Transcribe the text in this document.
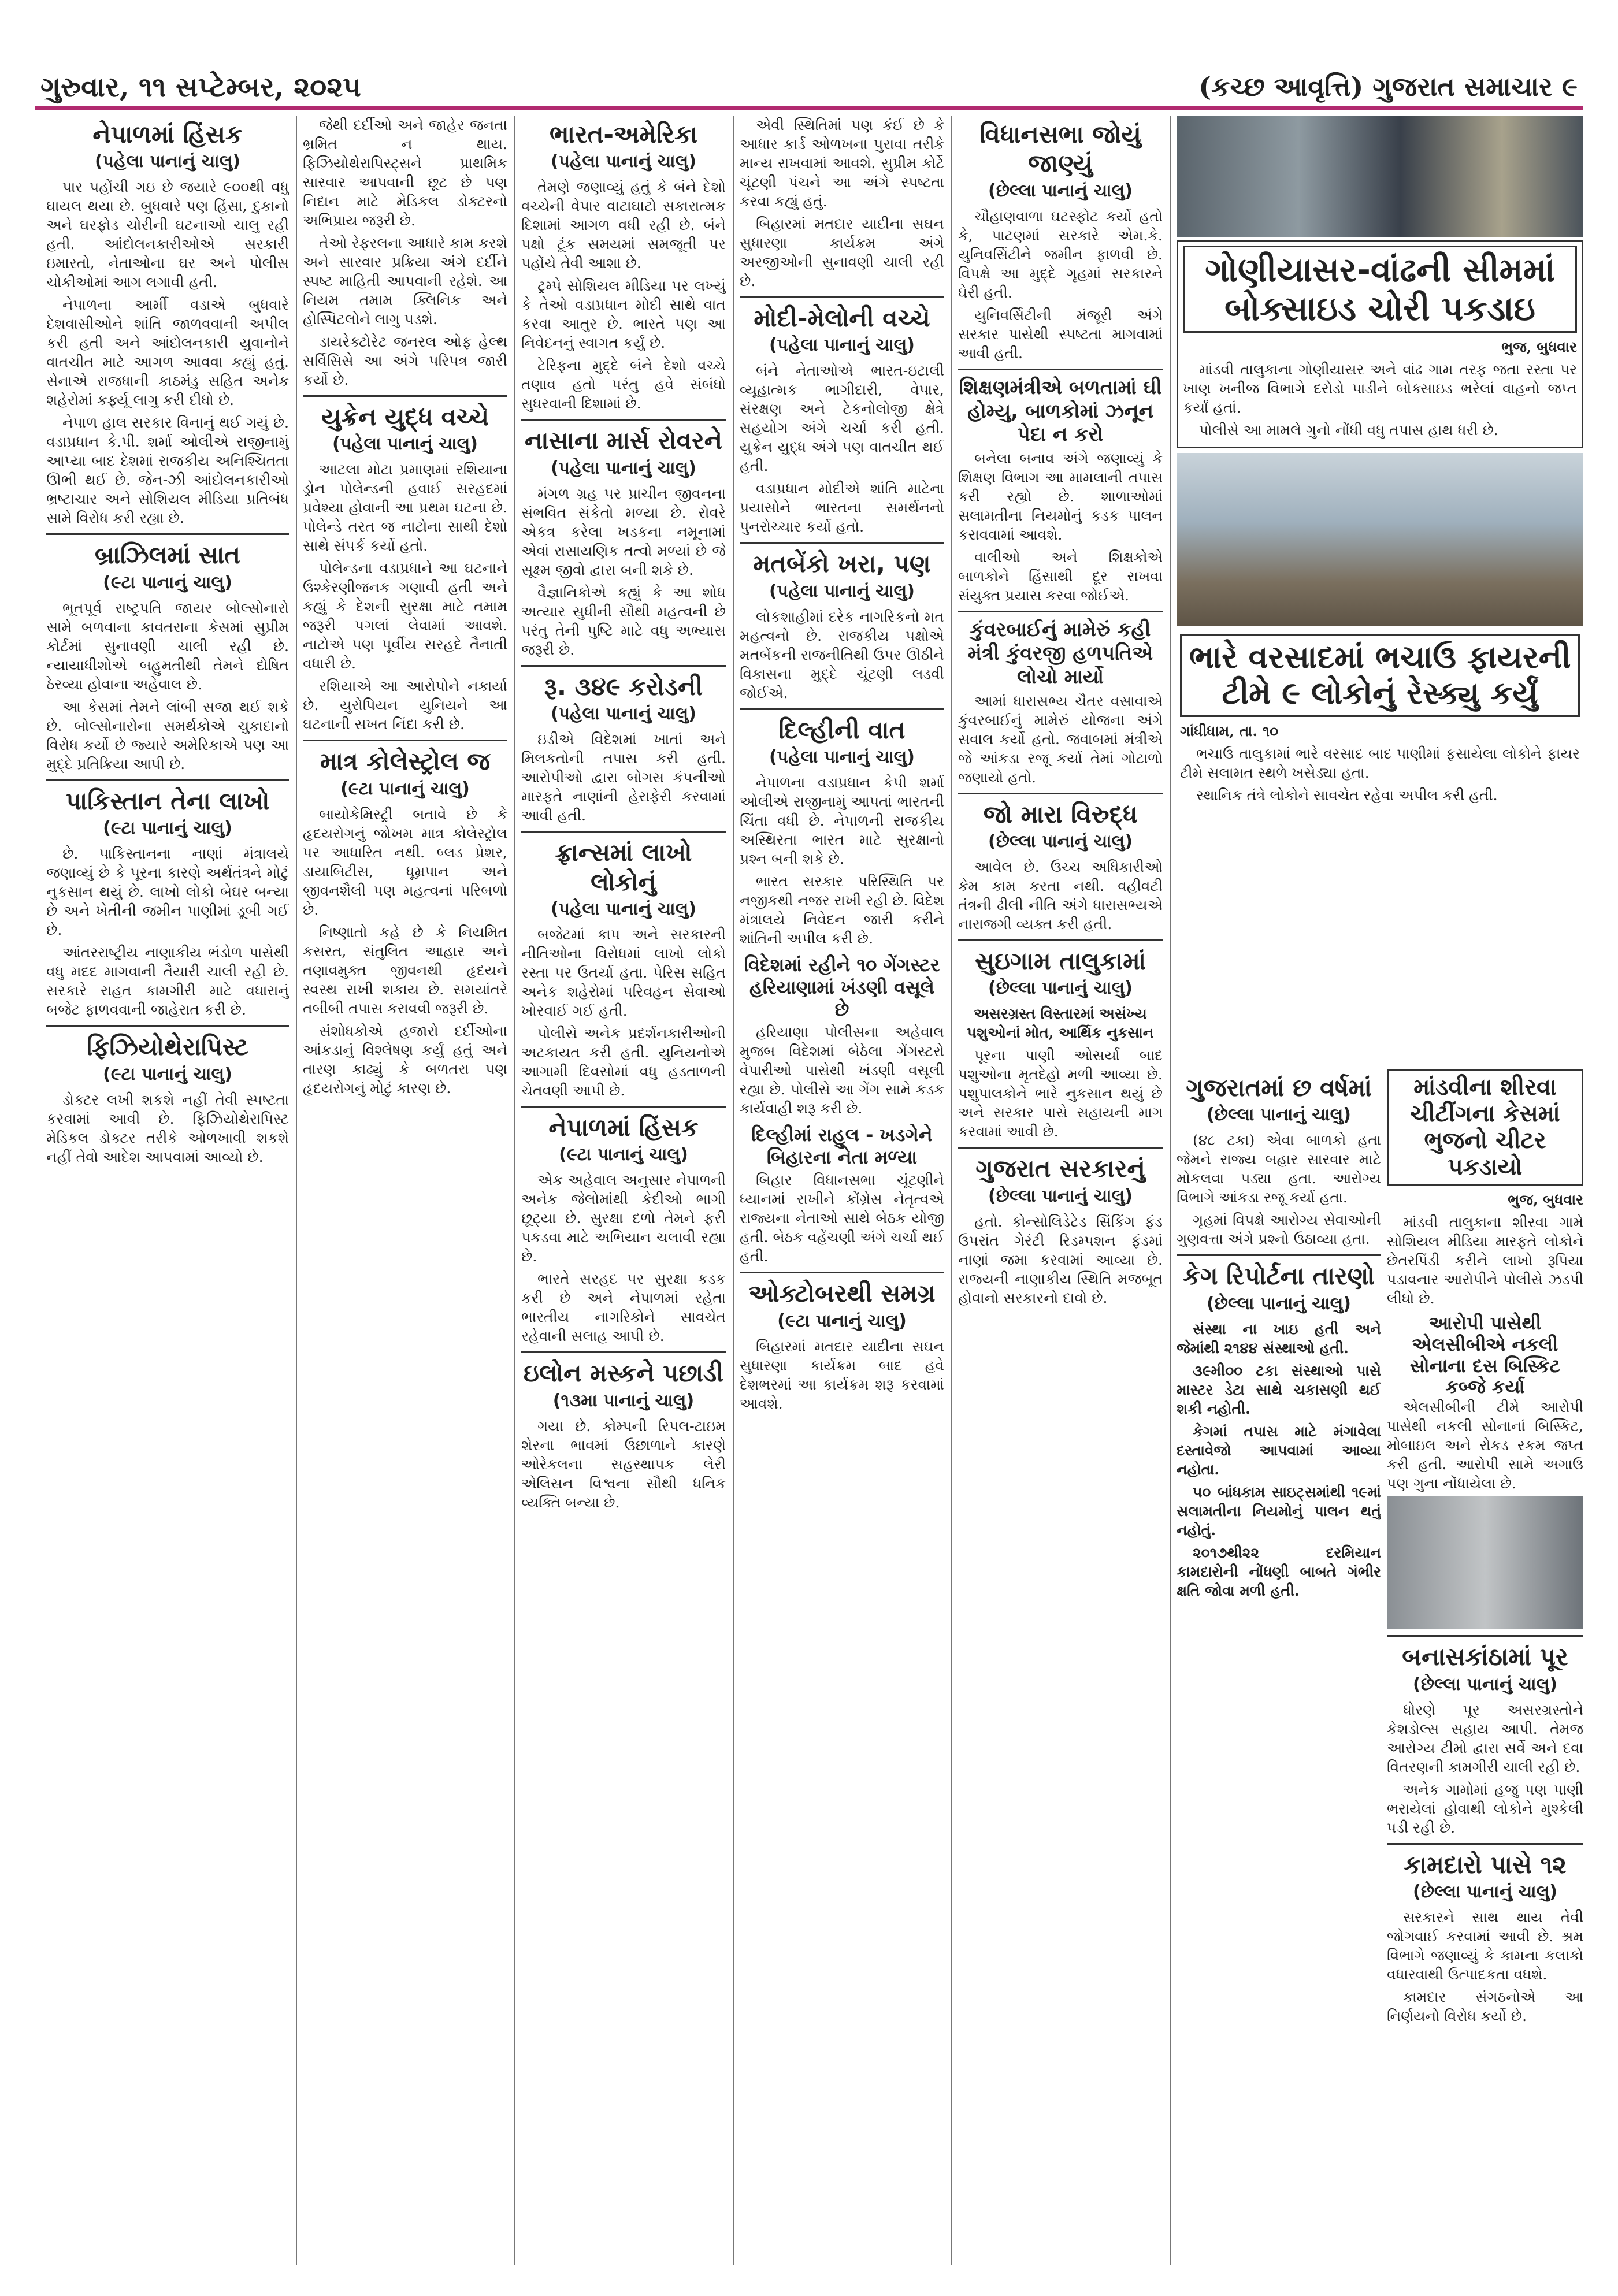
ગુરુવાર, ૧૧ સપ્ટેમ્બર, ૨૦૨૫	(કચ્છ આવૃત્તિ) ગુજરાત સમાચાર ૯
નેપાળમાં હિંસક
(પહેલા પાનાનું ચાલુ)

પાર પહોંચી ગઇ છે જયારે ૯૦૦થી વધુ ઘાયલ થયા છે. બુધવારે પણ હિંસા, દુકાનો અને ઘરફોડ ચોરીની ઘટનાઓ ચાલુ રહી હતી. આંદોલનકારીઓએ સરકારી ઇમારતો, નેતાઓના ઘર અને પોલીસ ચોકીઓમાં આગ લગાવી હતી.

નેપાળના આર્મી વડાએ બુધવારે દેશવાસીઓને શાંતિ જાળવવાની અપીલ કરી હતી અને આંદોલનકારી યુવાનોને વાતચીત માટે આગળ આવવા કહ્યું હતું. સેનાએ રાજધાની કાઠમંડુ સહિત અનેક શહેરોમાં કર્ફ્યૂ લાગુ કરી દીધો છે.

નેપાળ હાલ સરકાર વિનાનું થઈ ગયું છે. વડાપ્રધાન કે.પી. શર્મા ઓલીએ રાજીનામું આપ્યા બાદ દેશમાં રાજકીય અનિશ્ચિતતા ઊભી થઈ છે. જેન-ઝી આંદોલનકારીઓ ભ્રષ્ટાચાર અને સોશિયલ મીડિયા પ્રતિબંધ સામે વિરોધ કરી રહ્યા છે.

બ્રાઝિલમાં સાત
(૯ટા પાનાનું ચાલુ)

ભૂતપૂર્વ રાષ્ટ્રપતિ જાયર બોલ્સોનારો સામે બળવાના કાવતરાના કેસમાં સુપ્રીમ કોર્ટમાં સુનાવણી ચાલી રહી છે. ન્યાયાધીશોએ બહુમતીથી તેમને દોષિત ઠેરવ્યા હોવાના અહેવાલ છે.

આ કેસમાં તેમને લાંબી સજા થઈ શકે છે. બોલ્સોનારોના સમર્થકોએ ચુકાદાનો વિરોધ કર્યો છે જ્યારે અમેરિકાએ પણ આ મુદ્દે પ્રતિક્રિયા આપી છે.

પાકિસ્તાન તેના લાખો
(૯ટા પાનાનું ચાલુ)

છે. પાકિસ્તાનના નાણાં મંત્રાલયે જણાવ્યું છે કે પૂરના કારણે અર્થતંત્રને મોટું નુકસાન થયું છે. લાખો લોકો બેઘર બન્યા છે અને ખેતીની જમીન પાણીમાં ડૂબી ગઈ છે.

આંતરરાષ્ટ્રીય નાણાકીય ભંડોળ પાસેથી વધુ મદદ માગવાની તૈયારી ચાલી રહી છે. સરકારે રાહત કામગીરી માટે વધારાનું બજેટ ફાળવવાની જાહેરાત કરી છે.

ફિઝિયોથેરાપિસ્ટ
(૯ટા પાનાનું ચાલુ)

ડોક્ટર લખી શકશે નહીં તેવી સ્પષ્ટતા કરવામાં આવી છે. ફિઝિયોથેરાપિસ્ટ મેડિકલ ડોક્ટર તરીકે ઓળખાવી શકશે નહીં તેવો આદેશ આપવામાં આવ્યો છે.

જેથી દર્દીઓ અને જાહેર જનતા ભ્રમિત ન થાય. ફિઝિયોથેરાપિસ્ટ્સને પ્રાથમિક સારવાર આપવાની છૂટ છે પણ નિદાન માટે મેડિકલ ડોક્ટરનો અભિપ્રાય જરૂરી છે.

તેઓ રેફરલના આધારે કામ કરશે અને સારવાર પ્રક્રિયા અંગે દર્દીને સ્પષ્ટ માહિતી આપવાની રહેશે. આ નિયમ તમામ ક્લિનિક અને હોસ્પિટલોને લાગુ પડશે.

ડાયરેક્ટોરેટ જનરલ ઓફ હેલ્થ સર્વિસિસે આ અંગે પરિપત્ર જારી કર્યો છે.

યુક્રેન યુદ્ધ વચ્ચે
(પહેલા પાનાનું ચાલુ)

આટલા મોટા પ્રમાણમાં રશિયાના ડ્રોન પોલેન્ડની હવાઈ સરહદમાં પ્રવેશ્યા હોવાની આ પ્રથમ ઘટના છે. પોલેન્ડે તરત જ નાટોના સાથી દેશો સાથે સંપર્ક કર્યો હતો.

પોલેન્ડના વડાપ્રધાને આ ઘટનાને ઉશ્કેરણીજનક ગણાવી હતી અને કહ્યું કે દેશની સુરક્ષા માટે તમામ જરૂરી પગલાં લેવામાં આવશે. નાટોએ પણ પૂર્વીય સરહદે તૈનાતી વધારી છે.

રશિયાએ આ આરોપોને નકાર્યા છે. યુરોપિયન યુનિયને આ ઘટનાની સખત નિંદા કરી છે.

માત્ર કોલેસ્ટ્રોલ જ
(૯ટા પાનાનું ચાલુ)

બાયોકેમિસ્ટ્રી બતાવે છે કે હૃદયરોગનું જોખમ માત્ર કોલેસ્ટ્રોલ પર આધારિત નથી. બ્લડ પ્રેશર, ડાયાબિટીસ, ધૂમ્રપાન અને જીવનશૈલી પણ મહત્વનાં પરિબળો છે.

નિષ્ણાતો કહે છે કે નિયમિત કસરત, સંતુલિત આહાર અને તણાવમુક્ત જીવનથી હૃદયને સ્વસ્થ રાખી શકાય છે. સમયાંતરે તબીબી તપાસ કરાવવી જરૂરી છે.

સંશોધકોએ હજારો દર્દીઓના આંકડાનું વિશ્લેષણ કર્યું હતું અને તારણ કાઢ્યું કે બળતરા પણ હૃદયરોગનું મોટું કારણ છે.

ભારત-અમેરિકા
(પહેલા પાનાનું ચાલુ)

તેમણે જણાવ્યું હતું કે બંને દેશો વચ્ચેની વેપાર વાટાઘાટો સકારાત્મક દિશામાં આગળ વધી રહી છે. બંને પક્ષો ટૂંક સમયમાં સમજૂતી પર પહોંચે તેવી આશા છે.

ટ્રમ્પે સોશિયલ મીડિયા પર લખ્યું કે તેઓ વડાપ્રધાન મોદી સાથે વાત કરવા આતુર છે. ભારતે પણ આ નિવેદનનું સ્વાગત કર્યું છે.

ટેરિફના મુદ્દે બંને દેશો વચ્ચે તણાવ હતો પરંતુ હવે સંબંધો સુધરવાની દિશામાં છે.

નાસાના માર્સ રોવરને
(પહેલા પાનાનું ચાલુ)

મંગળ ગ્રહ પર પ્રાચીન જીવનના સંભવિત સંકેતો મળ્યા છે. રોવરે એકત્ર કરેલા ખડકના નમૂનામાં એવાં રાસાયણિક તત્વો મળ્યાં છે જે સૂક્ષ્મ જીવો દ્વારા બની શકે છે.

વૈજ્ઞાનિકોએ કહ્યું કે આ શોધ અત્યાર સુધીની સૌથી મહત્વની છે પરંતુ તેની પુષ્ટિ માટે વધુ અભ્યાસ જરૂરી છે.

રૂ. ૩૪૯ કરોડની
(પહેલા પાનાનું ચાલુ)

ઇડીએ વિદેશમાં ખાતાં અને મિલકતોની તપાસ કરી હતી. આરોપીઓ દ્વારા બોગસ કંપનીઓ મારફતે નાણાંની હેરાફેરી કરવામાં આવી હતી.

ફ્રાન્સમાં લાખો લોકોનું
(પહેલા પાનાનું ચાલુ)

બજેટમાં કાપ અને સરકારની નીતિઓના વિરોધમાં લાખો લોકો રસ્તા પર ઉતર્યા હતા. પેરિસ સહિત અનેક શહેરોમાં પરિવહન સેવાઓ ખોરવાઈ ગઈ હતી.

પોલીસે અનેક પ્રદર્શનકારીઓની અટકાયત કરી હતી. યુનિયનોએ આગામી દિવસોમાં વધુ હડતાળની ચેતવણી આપી છે.

નેપાળમાં હિંસક
(૯ટા પાનાનું ચાલુ)

એક અહેવાલ અનુસાર નેપાળની અનેક જેલોમાંથી કેદીઓ ભાગી છૂટ્યા છે. સુરક્ષા દળો તેમને ફરી પકડવા માટે અભિયાન ચલાવી રહ્યા છે.

ભારતે સરહદ પર સુરક્ષા કડક કરી છે અને નેપાળમાં રહેતા ભારતીય નાગરિકોને સાવચેત રહેવાની સલાહ આપી છે.

ઇલોન મસ્કને પછાડી
(૧૩મા પાનાનું ચાલુ)

ગયા છે. કોમ્પની રિપલ-ટાઇમ શેરના ભાવમાં ઉછાળાને કારણે ઓરેકલના સહસ્થાપક લેરી એલિસન વિશ્વના સૌથી ધનિક વ્યક્તિ બન્યા છે.

એવી સ્થિતિમાં પણ કંઈ છે કે આધાર કાર્ડ ઓળખના પુરાવા તરીકે માન્ય રાખવામાં આવશે. સુપ્રીમ કોર્ટે ચૂંટણી પંચને આ અંગે સ્પષ્ટતા કરવા કહ્યું હતું.

બિહારમાં મતદાર યાદીના સઘન સુધારણા કાર્યક્રમ અંગે અરજીઓની સુનાવણી ચાલી રહી છે.

મોદી-મેલોની વચ્ચે
(પહેલા પાનાનું ચાલુ)

બંને નેતાઓએ ભારત-ઇટાલી વ્યૂહાત્મક ભાગીદારી, વેપાર, સંરક્ષણ અને ટેકનોલોજી ક્ષેત્રે સહયોગ અંગે ચર્ચા કરી હતી. યુક્રેન યુદ્ધ અંગે પણ વાતચીત થઈ હતી.

વડાપ્રધાન મોદીએ શાંતિ માટેના પ્રયાસોને ભારતના સમર્થનનો પુનરોચ્ચાર કર્યો હતો.

મતબેંકો ખરા, પણ
(પહેલા પાનાનું ચાલુ)

લોકશાહીમાં દરેક નાગરિકનો મત મહત્વનો છે. રાજકીય પક્ષોએ મતબેંકની રાજનીતિથી ઉપર ઊઠીને વિકાસના મુદ્દે ચૂંટણી લડવી જોઈએ.

દિલ્હીની વાત
(પહેલા પાનાનું ચાલુ)

નેપાળના વડાપ્રધાન કેપી શર્મા ઓલીએ રાજીનામું આપતાં ભારતની ચિંતા વધી છે. નેપાળની રાજકીય અસ્થિરતા ભારત માટે સુરક્ષાનો પ્રશ્ન બની શકે છે.

ભારત સરકાર પરિસ્થિતિ પર નજીકથી નજર રાખી રહી છે. વિદેશ મંત્રાલયે નિવેદન જારી કરીને શાંતિની અપીલ કરી છે.

વિદેશમાં રહીને ૧૦ ગેંગસ્ટર હરિયાણામાં ખંડણી વસૂલે છે

હરિયાણા પોલીસના અહેવાલ મુજબ વિદેશમાં બેઠેલા ગેંગસ્ટરો વેપારીઓ પાસેથી ખંડણી વસૂલી રહ્યા છે. પોલીસે આ ગેંગ સામે કડક કાર્યવાહી શરૂ કરી છે.

દિલ્હીમાં રાહુલ - ખડગેને બિહારના નેતા મળ્યા

બિહાર વિધાનસભા ચૂંટણીને ધ્યાનમાં રાખીને કોંગ્રેસ નેતૃત્વએ રાજ્યના નેતાઓ સાથે બેઠક યોજી હતી. બેઠક વહેંચણી અંગે ચર્ચા થઈ હતી.

ઓક્ટોબરથી સમગ્ર
(૯ટા પાનાનું ચાલુ)

બિહારમાં મતદાર યાદીના સઘન સુધારણા કાર્યક્રમ બાદ હવે દેશભરમાં આ કાર્યક્રમ શરૂ કરવામાં આવશે.

વિધાનસભા જોયું જાણ્યું
(છેલ્લા પાનાનું ચાલુ)

ચૌહાણવાળા ઘટસ્ફોટ કર્યો હતો કે, પાટણમાં સરકારે એમ.કે. યુનિવર્સિટીને જમીન ફાળવી છે. વિપક્ષે આ મુદ્દે ગૃહમાં સરકારને ઘેરી હતી.

યુનિવર્સિટીની મંજૂરી અંગે સરકાર પાસેથી સ્પષ્ટતા માગવામાં આવી હતી.

શિક્ષણમંત્રીએ બળતામાં ઘી હોમ્યુ, બાળકોમાં ઝનૂન પેદા ન કરો

બનેલા બનાવ અંગે જણાવ્યું કે શિક્ષણ વિભાગ આ મામલાની તપાસ કરી રહ્યો છે. શાળાઓમાં સલામતીના નિયમોનું કડક પાલન કરાવવામાં આવશે.

વાલીઓ અને શિક્ષકોએ બાળકોને હિંસાથી દૂર રાખવા સંયુક્ત પ્રયાસ કરવા જોઈએ.

કુંવરબાઈનું મામેરું કહી મંત્રી કુંવરજી હળપતિએ લોચો માર્યો

આમાં ધારાસભ્ય ચૈતર વસાવાએ કુંવરબાઈનું મામેરું યોજના અંગે સવાલ કર્યો હતો. જવાબમાં મંત્રીએ જે આંકડા રજૂ કર્યા તેમાં ગોટાળો જણાયો હતો.

જો મારા વિરુદ્ધ
(છેલ્લા પાનાનું ચાલુ)

આવેલ છે. ઉચ્ચ અધિકારીઓ કેમ કામ કરતા નથી. વહીવટી તંત્રની ઢીલી નીતિ અંગે ધારાસભ્યએ નારાજગી વ્યક્ત કરી હતી.

સુઇગામ તાલુકામાં
(છેલ્લા પાનાનું ચાલુ)

અસરગ્રસ્ત વિસ્તારમાં અસંખ્ય પશુઓનાં મોત, આર્થિક નુકસાન

પૂરના પાણી ઓસર્યા બાદ પશુઓના મૃતદેહો મળી આવ્યા છે. પશુપાલકોને ભારે નુકસાન થયું છે અને સરકાર પાસે સહાયની માગ કરવામાં આવી છે.

ગુજરાત સરકારનું
(છેલ્લા પાનાનું ચાલુ)

હતો. કોન્સોલિડેટેડ સિંકિંગ ફંડ ઉપરાંત ગેરંટી રિડમ્પશન ફંડમાં નાણાં જમા કરવામાં આવ્યા છે. રાજ્યની નાણાકીય સ્થિતિ મજબૂત હોવાનો સરકારનો દાવો છે.

ગુજરાતમાં છ વર્ષમાં
(છેલ્લા પાનાનું ચાલુ)

(૪૮ ટકા) એવા બાળકો હતા જેમને રાજ્ય બહાર સારવાર માટે મોકલવા પડ્યા હતા. આરોગ્ય વિભાગે આંકડા રજૂ કર્યા હતા.

ગૃહમાં વિપક્ષે આરોગ્ય સેવાઓની ગુણવત્તા અંગે પ્રશ્નો ઉઠાવ્યા હતા.

કેગ રિપોર્ટના તારણો
(છેલ્લા પાનાનું ચાલુ)

સંસ્થા ના ખાઇ હતી અને જેમાંથી ૨૧૪૪ સંસ્થાઓ હતી.

૩૯મી૦૦ ટકા સંસ્થાઓ પાસે માસ્ટર ડેટા સાથે ચકાસણી થઈ શકી નહોતી.

કેગમાં તપાસ માટે મંગાવેલા દસ્તાવેજો આપવામાં આવ્યા નહોતા.

૫૦ બાંધકામ સાઇટ્સમાંથી ૧૯માં સલામતીના નિયમોનું પાલન થતું નહોતું.

૨૦૧૭થી૨૨ દરમિયાન કામદારોની નોંધણી બાબતે ગંભીર ક્ષતિ જોવા મળી હતી.

ગોણીયાસર-વાંઢની સીમમાં બોક્સાઇડ ચોરી પકડાઇ

ભુજ, બુધવાર

માંડવી તાલુકાના ગોણીયાસર અને વાંઢ ગામ તરફ જતા રસ્તા પર ખાણ ખનીજ વિભાગે દરોડો પાડીને બોક્સાઇડ ભરેલાં વાહનો જપ્ત કર્યાં હતાં.

પોલીસે આ મામલે ગુનો નોંધી વધુ તપાસ હાથ ધરી છે.

ભારે વરસાદમાં ભચાઉ ફાયરની ટીમે ૯ લોકોનું રેસ્ક્યુ કર્યું

ગાંધીધામ, તા. ૧૦

ભચાઉ તાલુકામાં ભારે વરસાદ બાદ પાણીમાં ફસાયેલા લોકોને ફાયર ટીમે સલામત સ્થળે ખસેડ્યા હતા.

સ્થાનિક તંત્રે લોકોને સાવચેત રહેવા અપીલ કરી હતી.

માંડવીના શીરવા ચીટીંગના કેસમાં ભુજનો ચીટર પકડાયો

ભુજ, બુધવાર

માંડવી તાલુકાના શીરવા ગામે સોશિયલ મીડિયા મારફતે લોકોને છેતરપિંડી કરીને લાખો રૂપિયા પડાવનાર આરોપીને પોલીસે ઝડપી લીધો છે.

આરોપી પાસેથી એલસીબીએ નકલી સોનાના દસ બિસ્કિટ કબ્જે કર્યા

એલસીબીની ટીમે આરોપી પાસેથી નકલી સોનાનાં બિસ્કિટ, મોબાઇલ અને રોકડ રકમ જપ્ત કરી હતી. આરોપી સામે અગાઉ પણ ગુના નોંધાયેલા છે.

બનાસકાંઠામાં પૂર
(છેલ્લા પાનાનું ચાલુ)

ધોરણે પૂર અસરગ્રસ્તોને કેશડોલ્સ સહાય આપી. તેમજ આરોગ્ય ટીમો દ્વારા સર્વે અને દવા વિતરણની કામગીરી ચાલી રહી છે.

અનેક ગામોમાં હજુ પણ પાણી ભરાયેલાં હોવાથી લોકોને મુશ્કેલી પડી રહી છે.

કામદારો પાસે ૧૨
(છેલ્લા પાનાનું ચાલુ)

સરકારને સાથ થાય તેવી જોગવાઈ કરવામાં આવી છે. શ્રમ વિભાગે જણાવ્યું કે કામના કલાકો વધારવાથી ઉત્પાદકતા વધશે.

કામદાર સંગઠનોએ આ નિર્ણયનો વિરોધ કર્યો છે.
